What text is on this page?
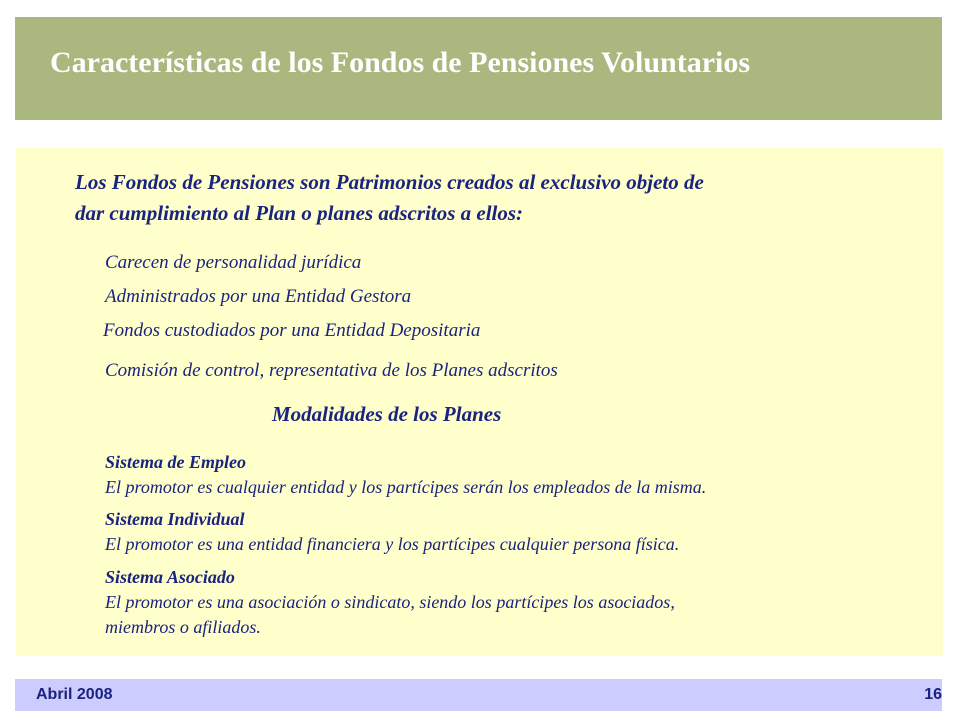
Características de los Fondos de Pensiones Voluntarios
Los Fondos de Pensiones son Patrimonios creados al exclusivo objeto de
dar cumplimiento al Plan o planes adscritos a ellos:
Carecen de personalidad jurídica
Administrados por una Entidad Gestora
Fondos custodiados por una Entidad Depositaria
Comisión de control, representativa de los Planes adscritos
Modalidades de los Planes
Sistema de Empleo
El promotor es cualquier entidad y los partícipes serán los empleados de la misma.
Sistema Individual
El promotor es una entidad financiera y los partícipes cualquier persona física.
Sistema Asociado
El promotor es una asociación o sindicato, siendo los partícipes los asociados,
miembros o afiliados.
Abril 2008	16
